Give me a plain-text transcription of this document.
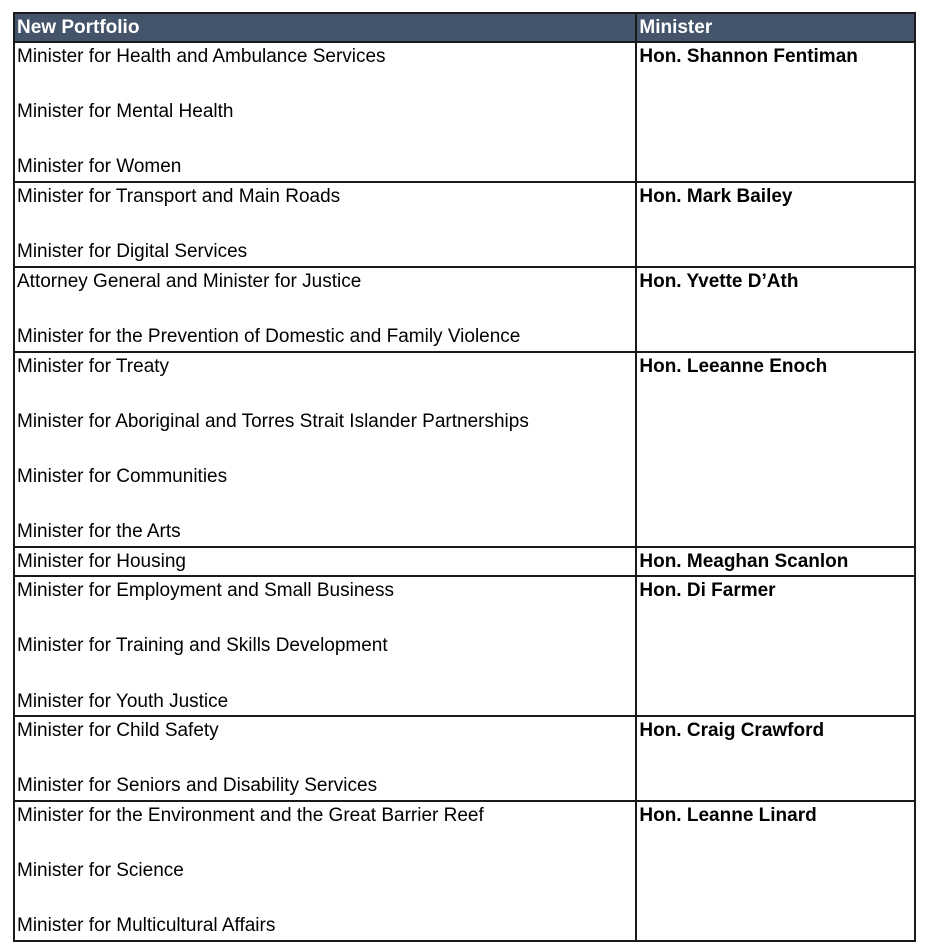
New Portfolio	Minister

Minister for Health and Ambulance Services
Minister for Mental Health
Minister for Women	Hon. Shannon Fentiman

Minister for Transport and Main Roads
Minister for Digital Services	Hon. Mark Bailey

Attorney General and Minister for Justice
Minister for the Prevention of Domestic and Family Violence	Hon. Yvette D’Ath

Minister for Treaty
Minister for Aboriginal and Torres Strait Islander Partnerships
Minister for Communities
Minister for the Arts	Hon. Leeanne Enoch

Minister for Housing	Hon. Meaghan Scanlon

Minister for Employment and Small Business
Minister for Training and Skills Development
Minister for Youth Justice	Hon. Di Farmer

Minister for Child Safety
Minister for Seniors and Disability Services	Hon. Craig Crawford

Minister for the Environment and the Great Barrier Reef
Minister for Science
Minister for Multicultural Affairs	Hon. Leanne Linard
